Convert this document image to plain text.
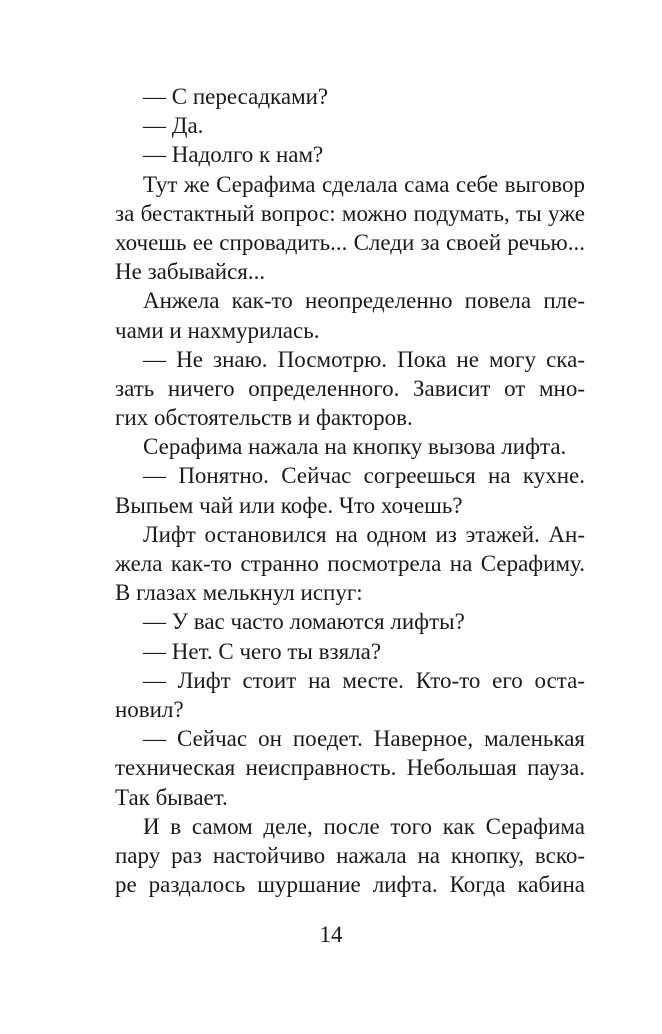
— С пересадками?
— Да.
— Надолго к нам?
Тут же Серафима сделала сама себе выговор
за бестактный вопрос: можно подумать, ты уже
хочешь ее спровадить... Следи за своей речью...
Не забывайся...
Анжела как-то неопределенно повела пле-
чами и нахмурилась.
— Не знаю. Посмотрю. Пока не могу ска-
зать ничего определенного. Зависит от мно-
гих обстоятельств и факторов.
Серафима нажала на кнопку вызова лифта.
— Понятно. Сейчас согреешься на кухне.
Выпьем чай или кофе. Что хочешь?
Лифт остановился на одном из этажей. Ан-
жела как-то странно посмотрела на Серафиму.
В глазах мелькнул испуг:
— У вас часто ломаются лифты?
— Нет. С чего ты взяла?
— Лифт стоит на месте. Кто-то его оста-
новил?
— Сейчас он поедет. Наверное, маленькая
техническая неисправность. Небольшая пауза.
Так бывает.
И в самом деле, после того как Серафима
пару раз настойчиво нажала на кнопку, вско-
ре раздалось шуршание лифта. Когда кабина
14
